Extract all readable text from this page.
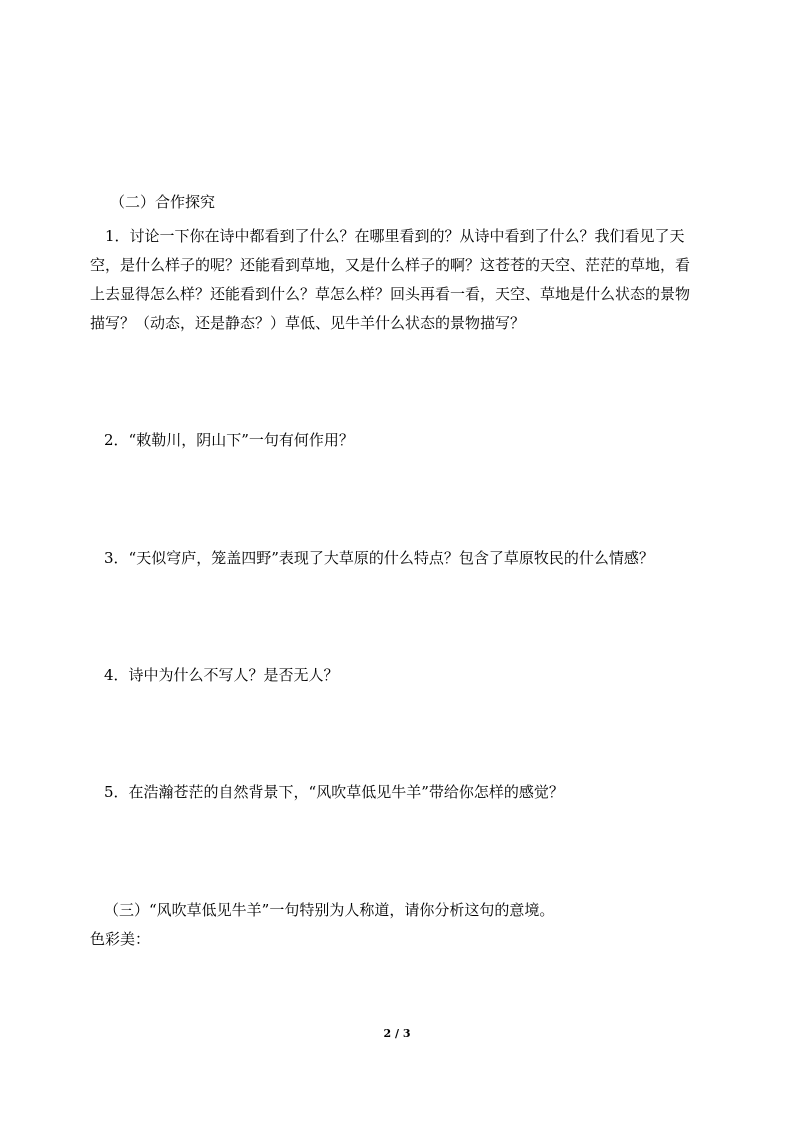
（二）合作探究
1．讨论一下你在诗中都看到了什么？在哪里看到的？从诗中看到了什么？我们看见了天
空，是什么样子的呢？还能看到草地，又是什么样子的啊？这苍苍的天空、茫茫的草地，看
上去显得怎么样？还能看到什么？草怎么样？回头再看一看，天空、草地是什么状态的景物
描写？（动态，还是静态？）草低、见牛羊什么状态的景物描写？
2．“敕勒川，阴山下”一句有何作用？
3．“天似穹庐，笼盖四野”表现了大草原的什么特点？包含了草原牧民的什么情感？
4．诗中为什么不写人？是否无人？
5．在浩瀚苍茫的自然背景下，“风吹草低见牛羊”带给你怎样的感觉？
（三）“风吹草低见牛羊”一句特别为人称道，请你分析这句的意境。
色彩美：
2 / 3
